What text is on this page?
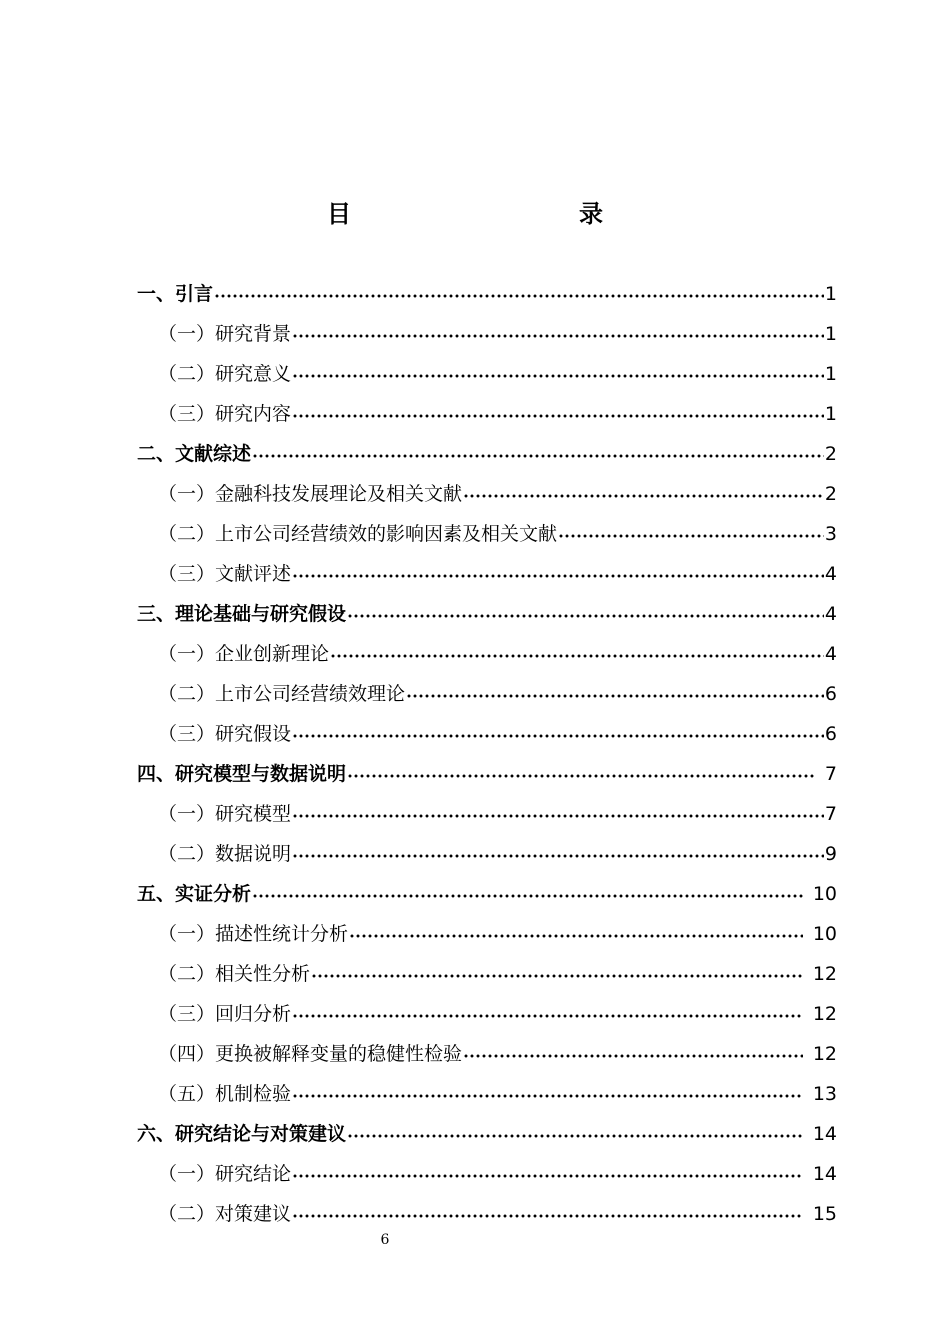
目　　录
一、引言	1
（一）研究背景	1
（二）研究意义	1
（三）研究内容	1
二、文献综述	2
（一）金融科技发展理论及相关文献	2
（二）上市公司经营绩效的影响因素及相关文献	3
（三）文献评述	4
三、理论基础与研究假设	4
（一）企业创新理论	4
（二）上市公司经营绩效理论	6
（三）研究假设	6
四、研究模型与数据说明	7
（一）研究模型	7
（二）数据说明	9
五、实证分析	10
（一）描述性统计分析	10
（二）相关性分析	12
（三）回归分析	12
（四）更换被解释变量的稳健性检验	12
（五）机制检验	13
六、研究结论与对策建议	14
（一）研究结论	14
（二）对策建议	15
6
